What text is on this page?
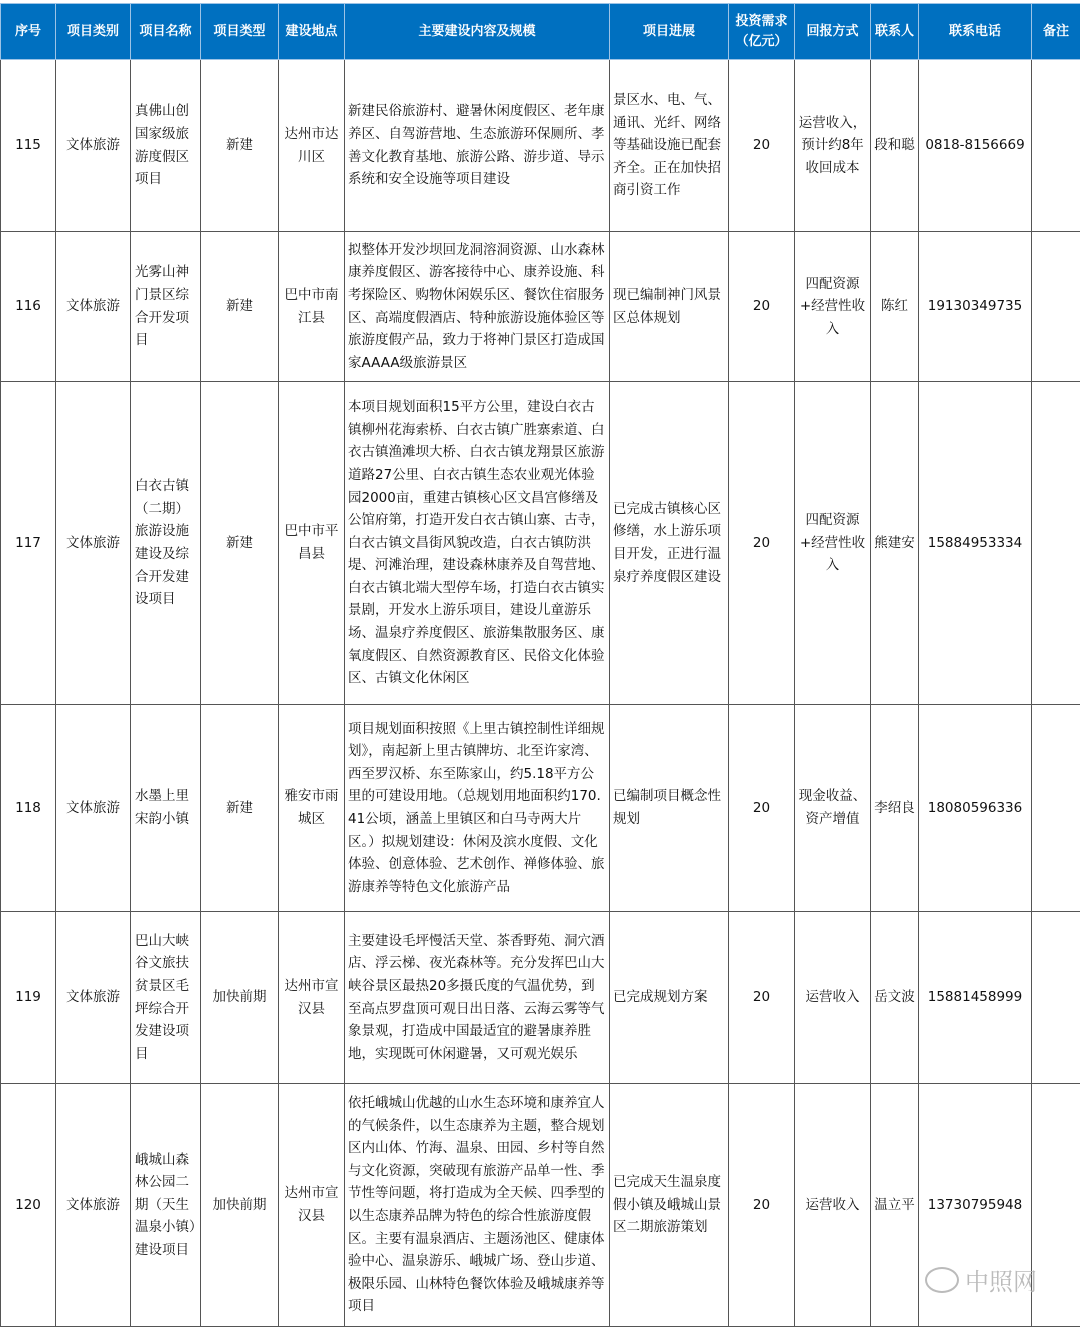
序号	项目类别	项目名称	项目类型	建设地点	主要建设内容及规模	项目进展	投资需求（亿元）	回报方式	联系人	联系电话	备注
115	文体旅游	真佛山创国家级旅游度假区项目	新建	达州市达川区	新建民俗旅游村、避暑休闲度假区、老年康养区、自驾游营地、生态旅游环保厕所、孝善文化教育基地、旅游公路、游步道、导示系统和安全设施等项目建设	景区水、电、气、通讯、光纤、网络等基础设施已配套齐全。正在加快招商引资工作	20	运营收入，预计约8年收回成本	段和聪	0818-8156669	
116	文体旅游	光雾山神门景区综合开发项目	新建	巴中市南江县	拟整体开发沙坝回龙洞溶洞资源、山水森林康养度假区、游客接待中心、康养设施、科考探险区、购物休闲娱乐区、餐饮住宿服务区、高端度假酒店、特种旅游设施体验区等旅游度假产品，致力于将神门景区打造成国家AAAA级旅游景区	现已编制神门风景区总体规划	20	四配资源+经营性收入	陈红	19130349735	
117	文体旅游	白衣古镇（二期）旅游设施建设及综合开发建设项目	新建	巴中市平昌县	本项目规划面积15平方公里，建设白衣古镇柳州花海索桥、白衣古镇广胜寨索道、白衣古镇渔滩坝大桥、白衣古镇龙翔景区旅游道路27公里、白衣古镇生态农业观光体验园2000亩，重建古镇核心区文昌宫修缮及公馆府第，打造开发白衣古镇山寨、古寺，白衣古镇文昌街风貌改造，白衣古镇防洪堤、河滩治理，建设森林康养及自驾营地、白衣古镇北端大型停车场，打造白衣古镇实景剧，开发水上游乐项目，建设儿童游乐场、温泉疗养度假区、旅游集散服务区、康氧度假区、自然资源教育区、民俗文化体验区、古镇文化休闲区	已完成古镇核心区修缮，水上游乐项目开发，正进行温泉疗养度假区建设	20	四配资源+经营性收入	熊建安	15884953334	
118	文体旅游	水墨上里宋韵小镇	新建	雅安市雨城区	项目规划面积按照《上里古镇控制性详细规划》，南起新上里古镇牌坊、北至许家湾、西至罗汉桥、东至陈家山，约5.18平方公里的可建设用地。（总规划用地面积约170.41公顷，涵盖上里镇区和白马寺两大片区。）拟规划建设：休闲及滨水度假、文化体验、创意体验、艺术创作、禅修体验、旅游康养等特色文化旅游产品	已编制项目概念性规划	20	现金收益、资产增值	李绍良	18080596336	
119	文体旅游	巴山大峡谷文旅扶贫景区毛坪综合开发建设项目	加快前期	达州市宣汉县	主要建设毛坪慢活天堂、茶香野苑、洞穴酒店、浮云梯、夜光森林等。充分发挥巴山大峡谷景区最热20多摄氏度的气温优势，到至高点罗盘顶可观日出日落、云海云雾等气象景观，打造成中国最适宜的避暑康养胜地，实现既可休闲避暑，又可观光娱乐	已完成规划方案	20	运营收入	岳文波	15881458999	
120	文体旅游	峨城山森林公园二期（天生温泉小镇）建设项目	加快前期	达州市宣汉县	依托峨城山优越的山水生态环境和康养宜人的气候条件，以生态康养为主题，整合规划区内山体、竹海、温泉、田园、乡村等自然与文化资源，突破现有旅游产品单一性、季节性等问题，将打造成为全天候、四季型的以生态康养品牌为特色的综合性旅游度假区。主要有温泉酒店、主题汤池区、健康体验中心、温泉游乐、峨城广场、登山步道、极限乐园、山林特色餐饮体验及峨城康养等项目	已完成天生温泉度假小镇及峨城山景区二期旅游策划	20	运营收入	温立平	13730795948	
中照网
